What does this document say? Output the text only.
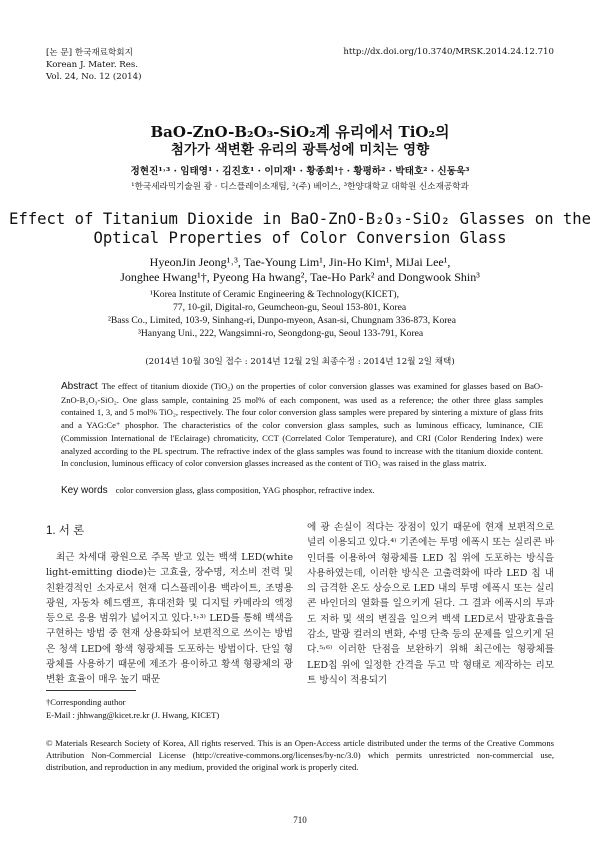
[논 문] 한국재료학회지
Korean J. Mater. Res.
Vol. 24, No. 12 (2014)
http://dx.doi.org/10.3740/MRSK.2014.24.12.710
BaO-ZnO-B₂O₃-SiO₂계 유리에서 TiO₂의
첨가가 색변환 유리의 광특성에 미치는 영향
정현진¹˒³ · 임태영¹ · 김진호¹ · 이미재¹ · 황종희¹† · 황평하² · 박태호² · 신동욱³
¹한국세라믹기술원 광 · 디스플레이소재팀, ²(주) 베이스, ³한양대학교 대학원 신소재공학과
Effect of Titanium Dioxide in BaO-ZnO-B₂O₃-SiO₂ Glasses on the
Optical Properties of Color Conversion Glass
HyeonJin Jeong¹˒³, Tae-Young Lim¹, Jin-Ho Kim¹, MiJai Lee¹,
Jonghee Hwang¹†, Pyeong Ha hwang², Tae-Ho Park² and Dongwook Shin³
¹Korea Institute of Ceramic Engineering & Technology(KICET),
77, 10-gil, Digital-ro, Geumcheon-gu, Seoul 153-801, Korea
²Bass Co., Limited, 103-9, Sinhang-ri, Dunpo-myeon, Asan-si, Chungnam 336-873, Korea
³Hanyang Uni., 222, Wangsimni-ro, Seongdong-gu, Seoul 133-791, Korea
(2014년 10월 30일 접수 : 2014년 12월 2일 최종수정 : 2014년 12월 2일 채택)
Abstract The effect of titanium dioxide (TiO₂) on the properties of color conversion glasses was examined for glasses based on BaO-ZnO-B₂O₃-SiO₂. One glass sample, containing 25 mol% of each component, was used as a reference; the other three glass samples contained 1, 3, and 5 mol% TiO₂, respectively. The four color conversion glass samples were prepared by sintering a mixture of glass frits and a YAG:Ce⁺ phosphor. The characteristics of the color conversion glass samples, such as luminous efficacy, luminance, CIE (Commission International de l'Eclairage) chromaticity, CCT (Correlated Color Temperature), and CRI (Color Rendering Index) were analyzed according to the PL spectrum. The refractive index of the glass samples was found to increase with the titanium dioxide content. In conclusion, luminous efficacy of color conversion glasses increased as the content of TiO₂ was raised in the glass matrix.
Key words color conversion glass, glass composition, YAG phosphor, refractive index.
1. 서 론
최근 차세대 광원으로 주목 받고 있는 백색 LED(white light-emitting diode)는 고효율, 장수명, 저소비 전력 및 친환경적인 소자로서 현재 디스플레이용 백라이트, 조명용 광원, 자동차 헤드램프, 휴대전화 및 디지털 카메라의 액정 등으로 응용 범위가 넓어지고 있다.¹˒³⁾ LED를 통해 백색을 구현하는 방법 중 현재 상용화되어 보편적으로 쓰이는 방법은 청색 LED에 황색 형광체를 도포하는 방법이다. 단일 형광체를 사용하기 때문에 제조가 용이하고 황색 형광체의 광 변환 효율이 매우 높기 때문
에 광 손실이 적다는 장점이 있기 때문에 현재 보편적으로 널리 이용되고 있다.⁴⁾ 기존에는 투명 에폭시 또는 실리콘 바인더를 이용하여 형광체를 LED 칩 위에 도포하는 방식을 사용하였는데, 이러한 방식은 고출력화에 따라 LED 칩 내의 급격한 온도 상승으로 LED 내의 투명 에폭시 또는 실리콘 바인더의 열화를 일으키게 된다. 그 결과 에폭시의 투과도 저하 및 색의 변질을 일으켜 백색 LED로서 발광효율을 감소, 발광 컬러의 변화, 수명 단축 등의 문제를 일으키게 된다.⁵˒⁶⁾ 이러한 단점을 보완하기 위해 최근에는 형광체를 LED칩 위에 일정한 간격을 두고 막 형태로 제작하는 리모트 방식이 적용되기
†Corresponding author
E-Mail : jhhwang@kicet.re.kr (J. Hwang, KICET)
© Materials Research Society of Korea, All rights reserved. This is an Open-Access article distributed under the terms of the Creative Commons Attribution Non-Commercial License (http://creative-commons.org/licenses/by-nc/3.0) which permits unrestricted non-commercial use, distribution, and reproduction in any medium, provided the original work is properly cited.
710
